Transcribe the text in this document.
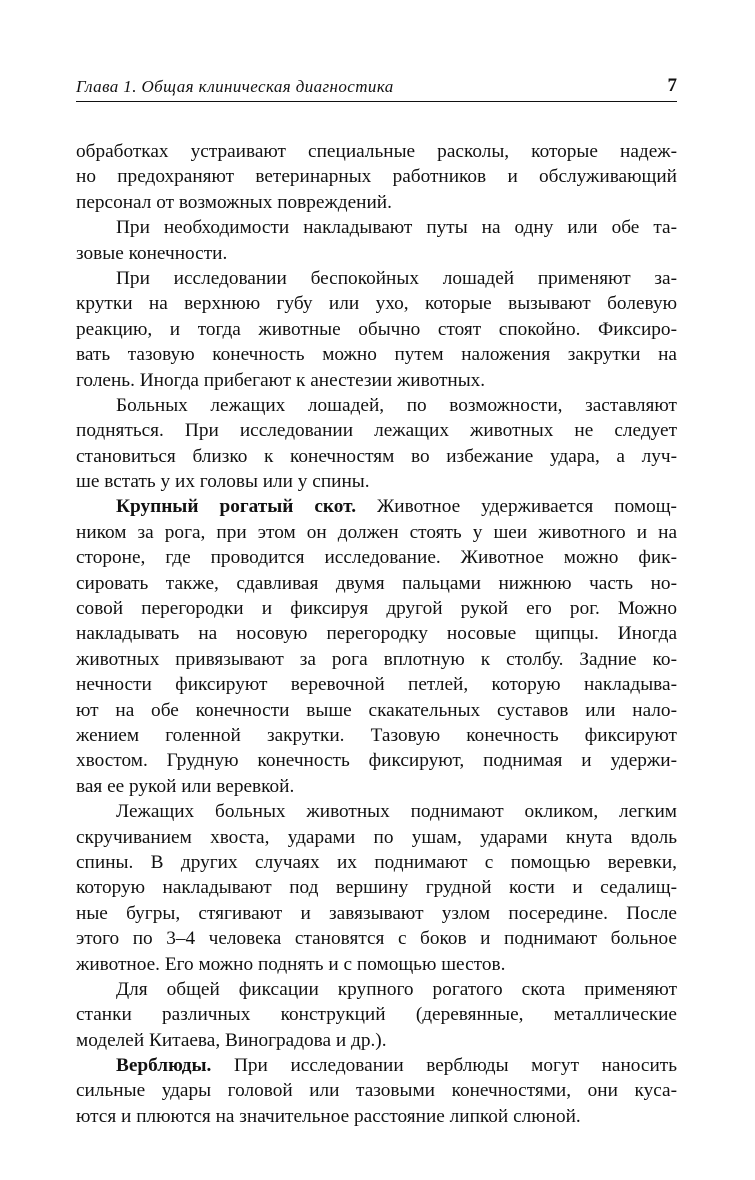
Глава 1. Общая клиническая диагностика	7
обработках устраивают специальные расколы, которые надеж-
но предохраняют ветеринарных работников и обслуживающий
персонал от возможных повреждений.
При необходимости накладывают путы на одну или обе та-
зовые конечности.
При исследовании беспокойных лошадей применяют за-
крутки на верхнюю губу или ухо, которые вызывают болевую
реакцию, и тогда животные обычно стоят спокойно. Фиксиро-
вать тазовую конечность можно путем наложения закрутки на
голень. Иногда прибегают к анестезии животных.
Больных лежащих лошадей, по возможности, заставляют
подняться. При исследовании лежащих животных не следует
становиться близко к конечностям во избежание удара, а луч-
ше встать у их головы или у спины.
Крупный рогатый скот. Животное удерживается помощ-
ником за рога, при этом он должен стоять у шеи животного и на
стороне, где проводится исследование. Животное можно фик-
сировать также, сдавливая двумя пальцами нижнюю часть но-
совой перегородки и фиксируя другой рукой его рог. Можно
накладывать на носовую перегородку носовые щипцы. Иногда
животных привязывают за рога вплотную к столбу. Задние ко-
нечности фиксируют веревочной петлей, которую накладыва-
ют на обе конечности выше скакательных суставов или нало-
жением голенной закрутки. Тазовую конечность фиксируют
хвостом. Грудную конечность фиксируют, поднимая и удержи-
вая ее рукой или веревкой.
Лежащих больных животных поднимают окликом, легким
скручиванием хвоста, ударами по ушам, ударами кнута вдоль
спины. В других случаях их поднимают с помощью веревки,
которую накладывают под вершину грудной кости и седалищ-
ные бугры, стягивают и завязывают узлом посередине. После
этого по 3–4 человека становятся с боков и поднимают больное
животное. Его можно поднять и с помощью шестов.
Для общей фиксации крупного рогатого скота применяют
станки различных конструкций (деревянные, металлические
моделей Китаева, Виноградова и др.).
Верблюды. При исследовании верблюды могут наносить
сильные удары головой или тазовыми конечностями, они куса-
ются и плюются на значительное расстояние липкой слюной.
